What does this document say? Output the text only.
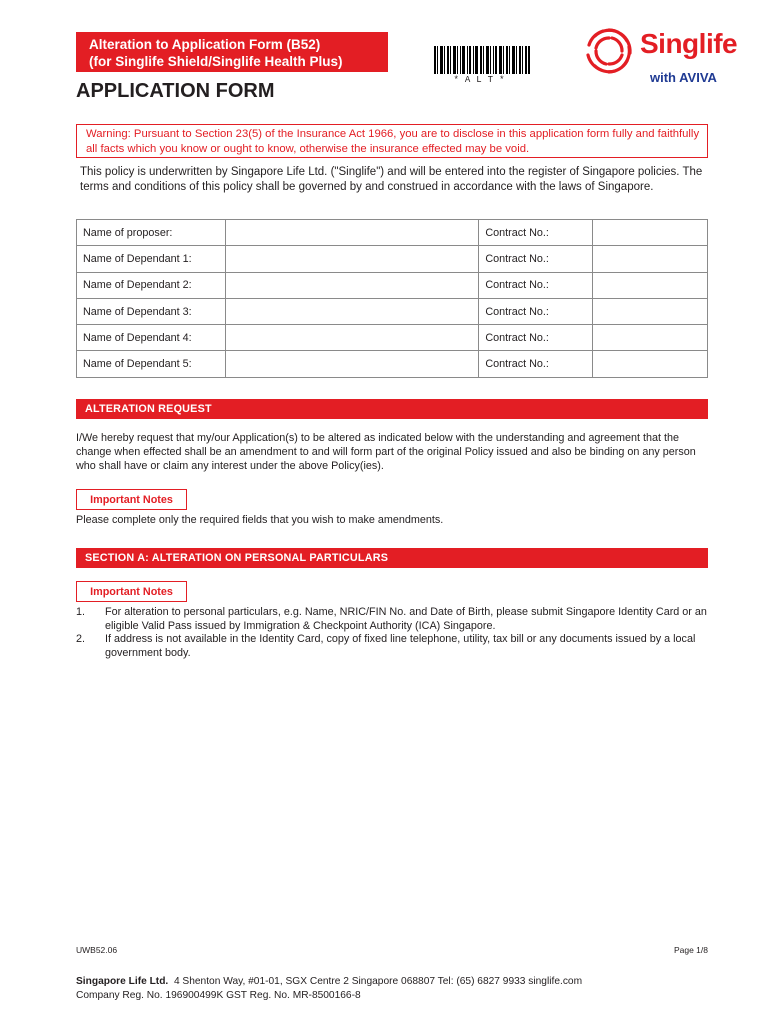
Alteration to Application Form (B52)
(for Singlife Shield/Singlife Health Plus)
*ALT*
Singlife
with AVIVA
APPLICATION FORM
Warning: Pursuant to Section 23(5) of the Insurance Act 1966, you are to disclose in this application form fully and faithfully all facts which you know or ought to know, otherwise the insurance effected may be void.
This policy is underwritten by Singapore Life Ltd. ("Singlife") and will be entered into the register of Singapore policies. The terms and conditions of this policy shall be governed by and construed in accordance with the laws of Singapore.
Name of proposer:		Contract No.:	
Name of Dependant 1:		Contract No.:	
Name of Dependant 2:		Contract No.:	
Name of Dependant 3:		Contract No.:	
Name of Dependant 4:		Contract No.:	
Name of Dependant 5:		Contract No.:	
ALTERATION REQUEST
I/We hereby request that my/our Application(s) to be altered as indicated below with the understanding and agreement that the change when effected shall be an amendment to and will form part of the original Policy issued and also be binding on any person who shall have or claim any interest under the above Policy(ies).
Important Notes
Please complete only the required fields that you wish to make amendments.
SECTION A: ALTERATION ON PERSONAL PARTICULARS
Important Notes
1.	For alteration to personal particulars, e.g. Name, NRIC/FIN No. and Date of Birth, please submit Singapore Identity Card or an eligible Valid Pass issued by Immigration & Checkpoint Authority (ICA) Singapore.
2.	If address is not available in the Identity Card, copy of fixed line telephone, utility, tax bill or any documents issued by a local government body.
UWB52.06	Page 1/8
Singapore Life Ltd. 4 Shenton Way, #01-01, SGX Centre 2 Singapore 068807 Tel: (65) 6827 9933 singlife.com
Company Reg. No. 196900499K GST Reg. No. MR-8500166-8
